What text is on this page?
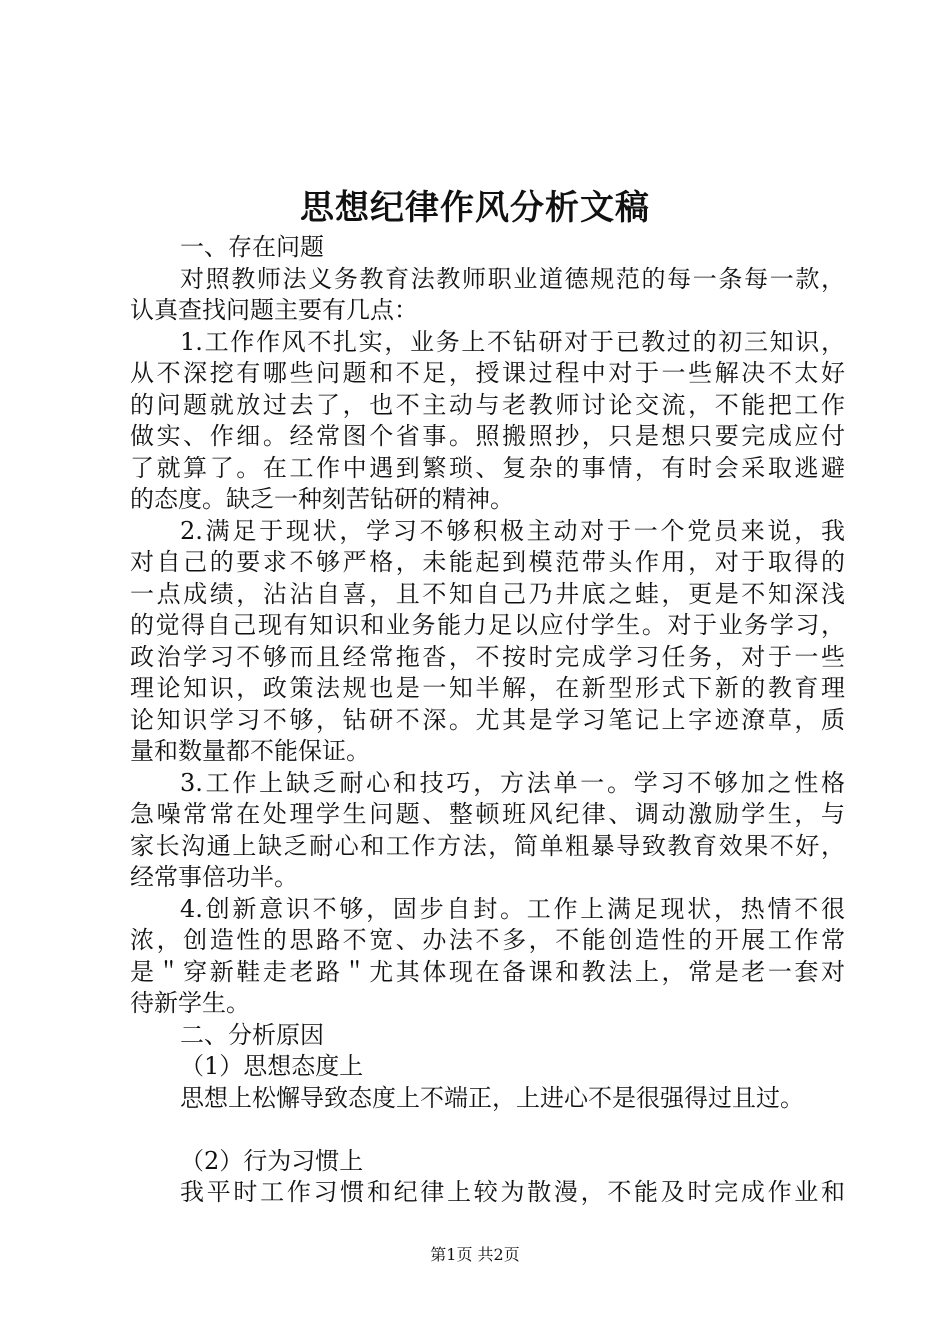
思想纪律作风分析文稿
一、存在问题
对照教师法义务教育法教师职业道德规范的每一条每一款，
认真查找问题主要有几点：
1.工作作风不扎实，业务上不钻研对于已教过的初三知识，
从不深挖有哪些问题和不足，授课过程中对于一些解决不太好
的问题就放过去了，也不主动与老教师讨论交流，不能把工作
做实、作细。经常图个省事。照搬照抄，只是想只要完成应付
了就算了。在工作中遇到繁琐、复杂的事情，有时会采取逃避
的态度。缺乏一种刻苦钻研的精神。
2.满足于现状，学习不够积极主动对于一个党员来说，我
对自己的要求不够严格，未能起到模范带头作用，对于取得的
一点成绩，沾沾自喜，且不知自己乃井底之蛙，更是不知深浅
的觉得自己现有知识和业务能力足以应付学生。对于业务学习，
政治学习不够而且经常拖沓，不按时完成学习任务，对于一些
理论知识，政策法规也是一知半解，在新型形式下新的教育理
论知识学习不够，钻研不深。尤其是学习笔记上字迹潦草，质
量和数量都不能保证。
3.工作上缺乏耐心和技巧，方法单一。学习不够加之性格
急噪常常在处理学生问题、整顿班风纪律、调动激励学生，与
家长沟通上缺乏耐心和工作方法，简单粗暴导致教育效果不好，
经常事倍功半。
4.创新意识不够，固步自封。工作上满足现状，热情不很
浓，创造性的思路不宽、办法不多，不能创造性的开展工作常
是＂穿新鞋走老路＂尤其体现在备课和教法上，常是老一套对
待新学生。
二、分析原因
（1）思想态度上
思想上松懈导致态度上不端正，上进心不是很强得过且过。
（2）行为习惯上
我平时工作习惯和纪律上较为散漫，不能及时完成作业和
第1页 共2页
